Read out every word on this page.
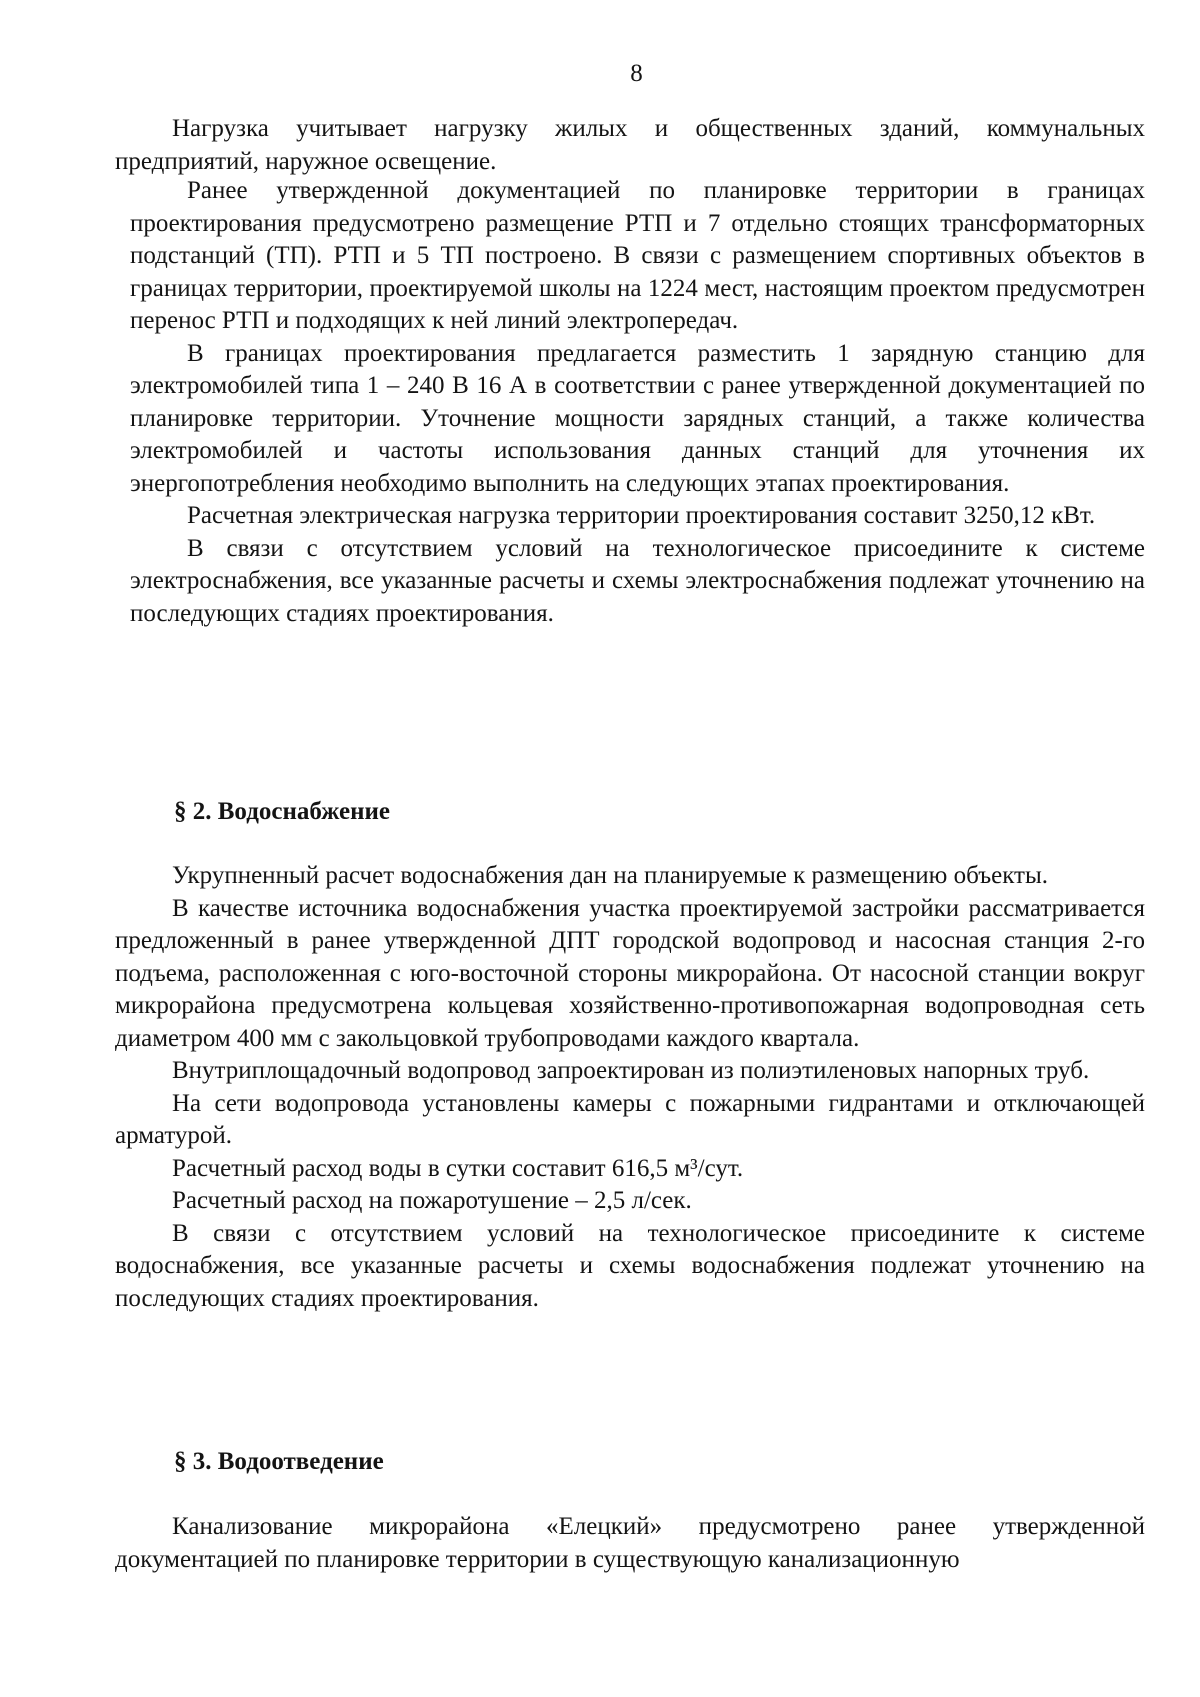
8

Нагрузка учитывает нагрузку жилых и общественных зданий, коммунальных предприятий, наружное освещение.

Ранее утвержденной документацией по планировке территории в границах проектирования предусмотрено размещение РТП и 7 отдельно стоящих трансформаторных подстанций (ТП). РТП и 5 ТП построено. В связи с размещением спортивных объектов в границах территории, проектируемой школы на 1224 мест, настоящим проектом предусмотрен перенос РТП и подходящих к ней линий электропередач.

В границах проектирования предлагается разместить 1 зарядную станцию для электромобилей типа 1 – 240 В 16 А в соответствии с ранее утвержденной документацией по планировке территории. Уточнение мощности зарядных станций, а также количества электромобилей и частоты использования данных станций для уточнения их энергопотребления необходимо выполнить на следующих этапах проектирования.

Расчетная электрическая нагрузка территории проектирования составит 3250,12 кВт.

В связи с отсутствием условий на технологическое присоедините к системе электроснабжения, все указанные расчеты и схемы электроснабжения подлежат уточнению на последующих стадиях проектирования.

§ 2. Водоснабжение

Укрупненный расчет водоснабжения дан на планируемые к размещению объекты.

В качестве источника водоснабжения участка проектируемой застройки рассматривается предложенный в ранее утвержденной ДПТ городской водопровод и насосная станция 2-го подъема, расположенная с юго-восточной стороны микрорайона. От насосной станции вокруг микрорайона предусмотрена кольцевая хозяйственно-противопожарная водопроводная сеть диаметром 400 мм с закольцовкой трубопроводами каждого квартала.

Внутриплощадочный водопровод запроектирован из полиэтиленовых напорных труб.

На сети водопровода установлены камеры с пожарными гидрантами и отключающей арматурой.

Расчетный расход воды в сутки составит 616,5 м³/сут.

Расчетный расход на пожаротушение – 2,5 л/сек.

В связи с отсутствием условий на технологическое присоедините к системе водоснабжения, все указанные расчеты и схемы водоснабжения подлежат уточнению на последующих стадиях проектирования.

§ 3. Водоотведение

Канализование микрорайона «Елецкий» предусмотрено ранее утвержденной документацией по планировке территории в существующую канализационную
